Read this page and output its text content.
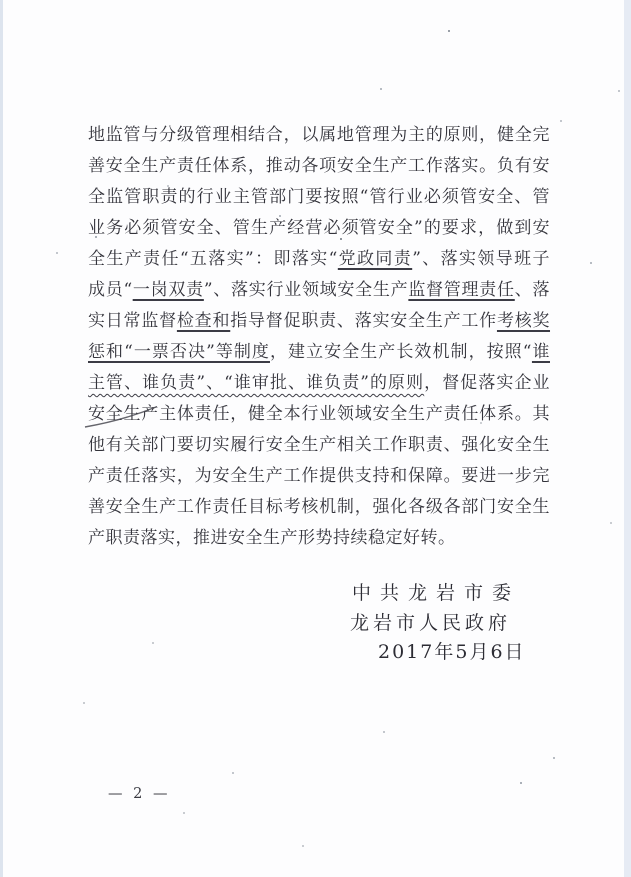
地监管与分级管理相结合，以属地管理为主的原则，健全完
善安全生产责任体系，推动各项安全生产工作落实。负有安
全监管职责的行业主管部门要按照“管行业必须管安全、管
业务必须管安全、管生产经营必须管安全”的要求，做到安
全生产责任“五落实”：即落实“党政同责”、落实领导班子
成员“一岗双责”、落实行业领域安全生产监督管理责任、落
实日常监督检查和指导督促职责、落实安全生产工作考核奖
惩和“一票否决”等制度，建立安全生产长效机制，按照“谁
主管、谁负责”、“谁审批、谁负责”的原则，督促落实企业
安全生产主体责任，健全本行业领域安全生产责任体系。其
他有关部门要切实履行安全生产相关工作职责、强化安全生
产责任落实，为安全生产工作提供支持和保障。要进一步完
善安全生产工作责任目标考核机制，强化各级各部门安全生
产职责落实，推进安全生产形势持续稳定好转。
中共龙岩市委
龙岩市人民政府
2017年5月6日
— 2 —
